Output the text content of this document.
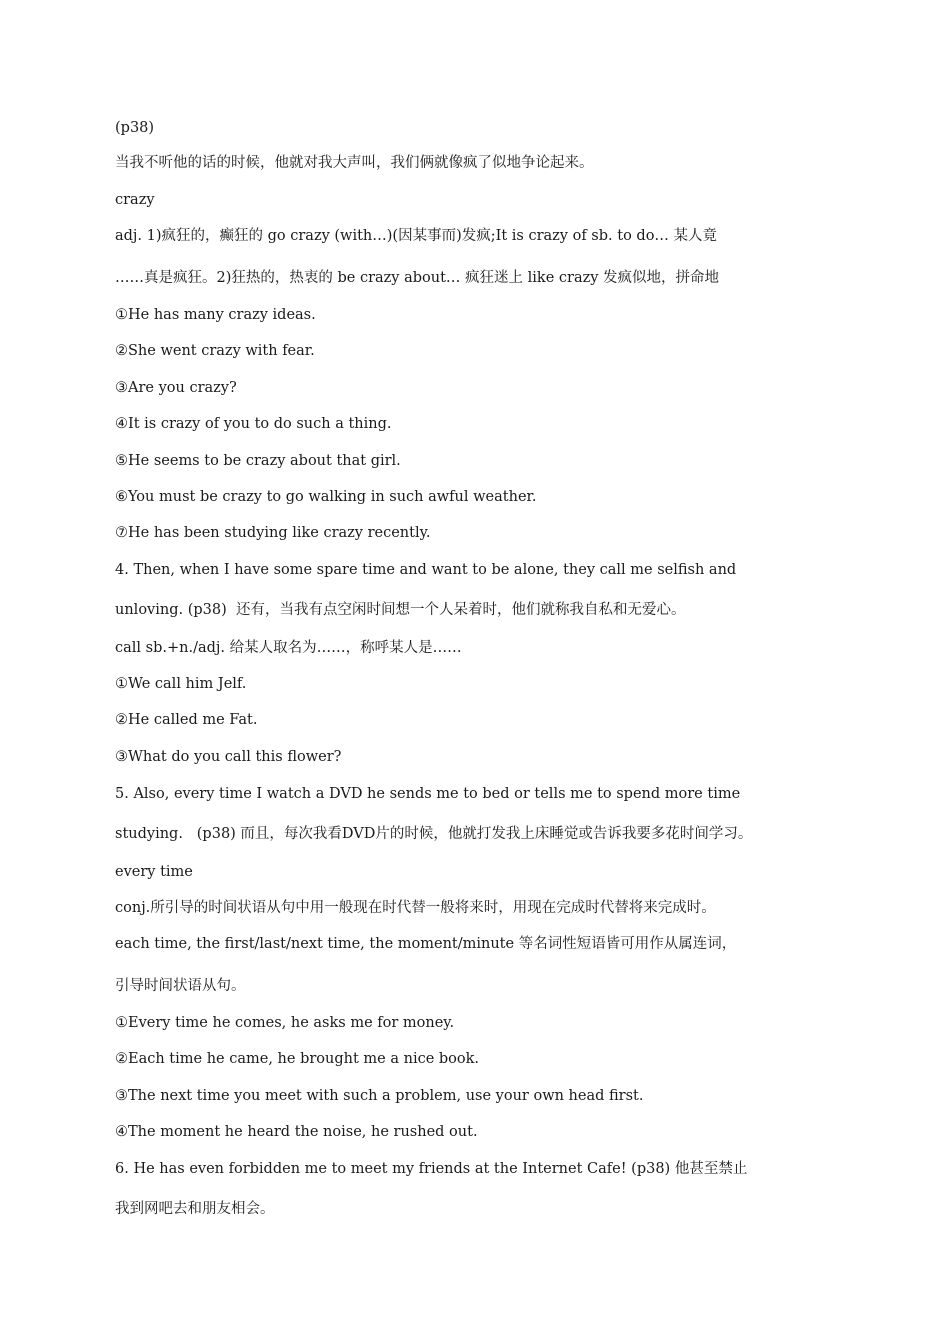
(p38)
当我不听他的话的时候，他就对我大声叫，我们俩就像疯了似地争论起来。
crazy
adj. 1)疯狂的，癫狂的 go crazy (with…)(因某事而)发疯;It is crazy of sb. to do… 某人竟
……真是疯狂。2)狂热的，热衷的 be crazy about… 疯狂迷上 like crazy 发疯似地，拼命地
①He has many crazy ideas.
②She went crazy with fear.
③Are you crazy?
④It is crazy of you to do such a thing.
⑤He seems to be crazy about that girl.
⑥You must be crazy to go walking in such awful weather.
⑦He has been studying like crazy recently.
4. Then, when I have some spare time and want to be alone, they call me selfish and
unloving. (p38)  还有，当我有点空闲时间想一个人呆着时，他们就称我自私和无爱心。
call sb.+n./adj. 给某人取名为……，称呼某人是……
①We call him Jelf.
②He called me Fat.
③What do you call this flower?
5. Also, every time I watch a DVD he sends me to bed or tells me to spend more time
studying.   (p38) 而且，每次我看DVD片的时候，他就打发我上床睡觉或告诉我要多花时间学习。
every time
conj.所引导的时间状语从句中用一般现在时代替一般将来时，用现在完成时代替将来完成时。
each time, the first/last/next time, the moment/minute 等名词性短语皆可用作从属连词，
引导时间状语从句。
①Every time he comes, he asks me for money.
②Each time he came, he brought me a nice book.
③The next time you meet with such a problem, use your own head first.
④The moment he heard the noise, he rushed out.
6. He has even forbidden me to meet my friends at the Internet Cafe! (p38) 他甚至禁止
我到网吧去和朋友相会。
